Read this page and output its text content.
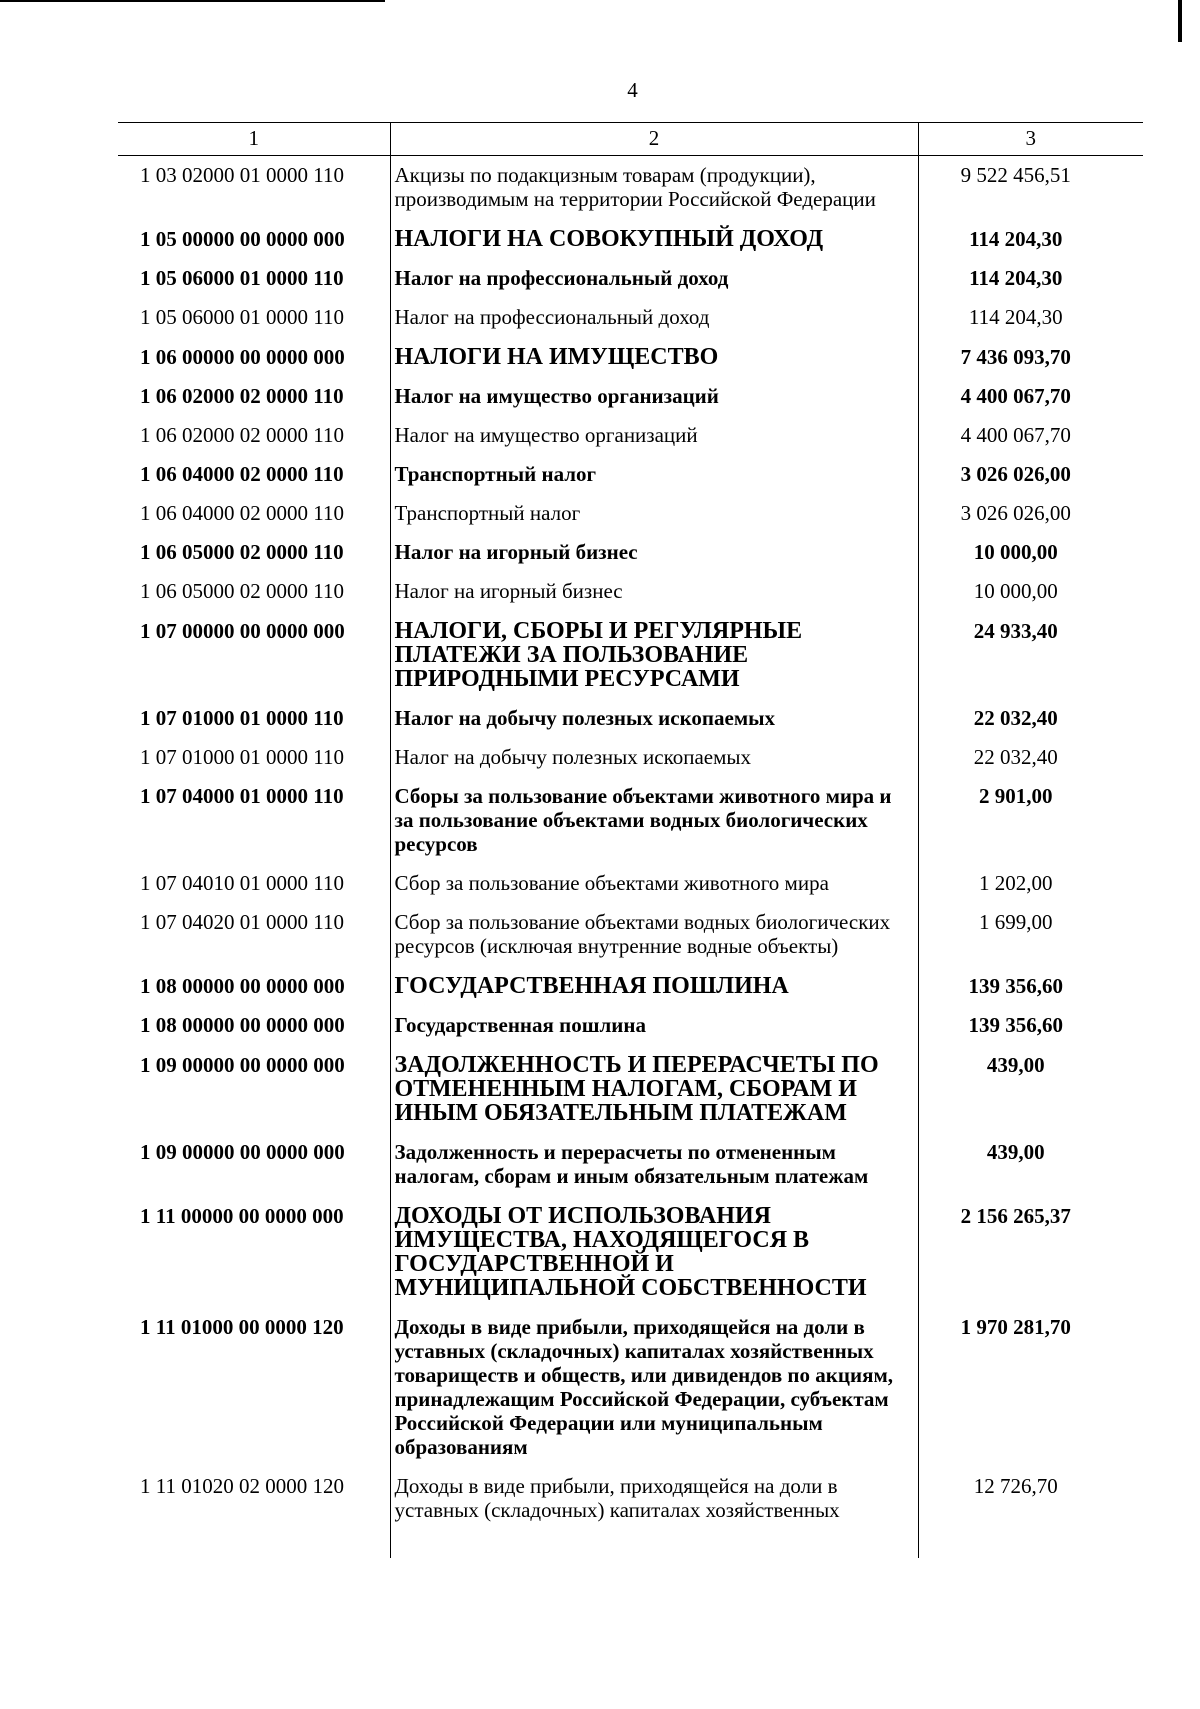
4
1	2	3
1 03 02000 01 0000 110	Акцизы по подакцизным товарам (продукции), производимым на территории Российской Федерации	9 522 456,51
1 05 00000 00 0000 000	НАЛОГИ НА СОВОКУПНЫЙ ДОХОД	114 204,30
1 05 06000 01 0000 110	Налог на профессиональный доход	114 204,30
1 05 06000 01 0000 110	Налог на профессиональный доход	114 204,30
1 06 00000 00 0000 000	НАЛОГИ НА ИМУЩЕСТВО	7 436 093,70
1 06 02000 02 0000 110	Налог на имущество организаций	4 400 067,70
1 06 02000 02 0000 110	Налог на имущество организаций	4 400 067,70
1 06 04000 02 0000 110	Транспортный налог	3 026 026,00
1 06 04000 02 0000 110	Транспортный налог	3 026 026,00
1 06 05000 02 0000 110	Налог на игорный бизнес	10 000,00
1 06 05000 02 0000 110	Налог на игорный бизнес	10 000,00
1 07 00000 00 0000 000	НАЛОГИ, СБОРЫ И РЕГУЛЯРНЫЕ ПЛАТЕЖИ ЗА ПОЛЬЗОВАНИЕ ПРИРОДНЫМИ РЕСУРСАМИ	24 933,40
1 07 01000 01 0000 110	Налог на добычу полезных ископаемых	22 032,40
1 07 01000 01 0000 110	Налог на добычу полезных ископаемых	22 032,40
1 07 04000 01 0000 110	Сборы за пользование объектами животного мира и за пользование объектами водных биологических ресурсов	2 901,00
1 07 04010 01 0000 110	Сбор за пользование объектами животного мира	1 202,00
1 07 04020 01 0000 110	Сбор за пользование объектами водных биологических ресурсов (исключая внутренние водные объекты)	1 699,00
1 08 00000 00 0000 000	ГОСУДАРСТВЕННАЯ ПОШЛИНА	139 356,60
1 08 00000 00 0000 000	Государственная пошлина	139 356,60
1 09 00000 00 0000 000	ЗАДОЛЖЕННОСТЬ И ПЕРЕРАСЧЕТЫ ПО ОТМЕНЕННЫМ НАЛОГАМ, СБОРАМ И ИНЫМ ОБЯЗАТЕЛЬНЫМ ПЛАТЕЖАМ	439,00
1 09 00000 00 0000 000	Задолженность и перерасчеты по отмененным налогам, сборам и иным обязательным платежам	439,00
1 11 00000 00 0000 000	ДОХОДЫ ОТ ИСПОЛЬЗОВАНИЯ ИМУЩЕСТВА, НАХОДЯЩЕГОСЯ В ГОСУДАРСТВЕННОЙ И МУНИЦИПАЛЬНОЙ СОБСТВЕННОСТИ	2 156 265,37
1 11 01000 00 0000 120	Доходы в виде прибыли, приходящейся на доли в уставных (складочных) капиталах хозяйственных товариществ и обществ, или дивидендов по акциям, принадлежащим Российской Федерации, субъектам Российской Федерации или муниципальным образованиям	1 970 281,70
1 11 01020 02 0000 120	Доходы в виде прибыли, приходящейся на доли в уставных (складочных) капиталах хозяйственных	12 726,70
